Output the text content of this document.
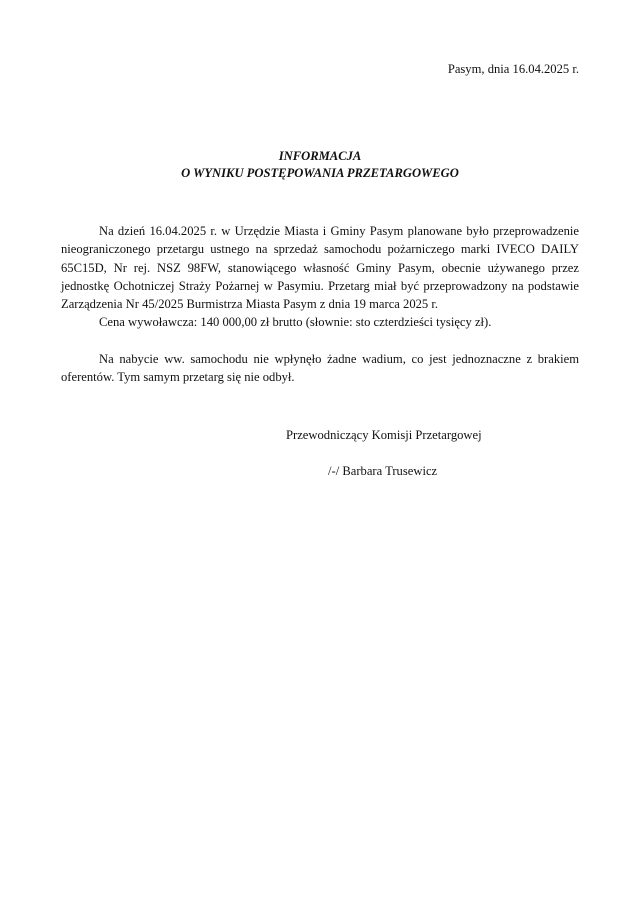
Pasym, dnia 16.04.2025 r.
INFORMACJA
O WYNIKU POSTĘPOWANIA PRZETARGOWEGO

Na dzień 16.04.2025 r. w Urzędzie Miasta i Gminy Pasym planowane było przeprowadzenie nieograniczonego przetargu ustnego na sprzedaż samochodu pożarniczego marki IVECO DAILY 65C15D, Nr rej. NSZ 98FW, stanowiącego własność Gminy Pasym, obecnie używanego przez jednostkę Ochotniczej Straży Pożarnej w Pasymiu. Przetarg miał być przeprowadzony na podstawie Zarządzenia Nr 45/2025 Burmistrza Miasta Pasym z dnia 19 marca 2025 r.

Cena wywoławcza: 140 000,00 zł brutto (słownie: sto czterdzieści tysięcy zł).

Na nabycie ww. samochodu nie wpłynęło żadne wadium, co jest jednoznaczne z brakiem oferentów. Tym samym przetarg się nie odbył.

Przewodniczący Komisji Przetargowej
/-/ Barbara Trusewicz
